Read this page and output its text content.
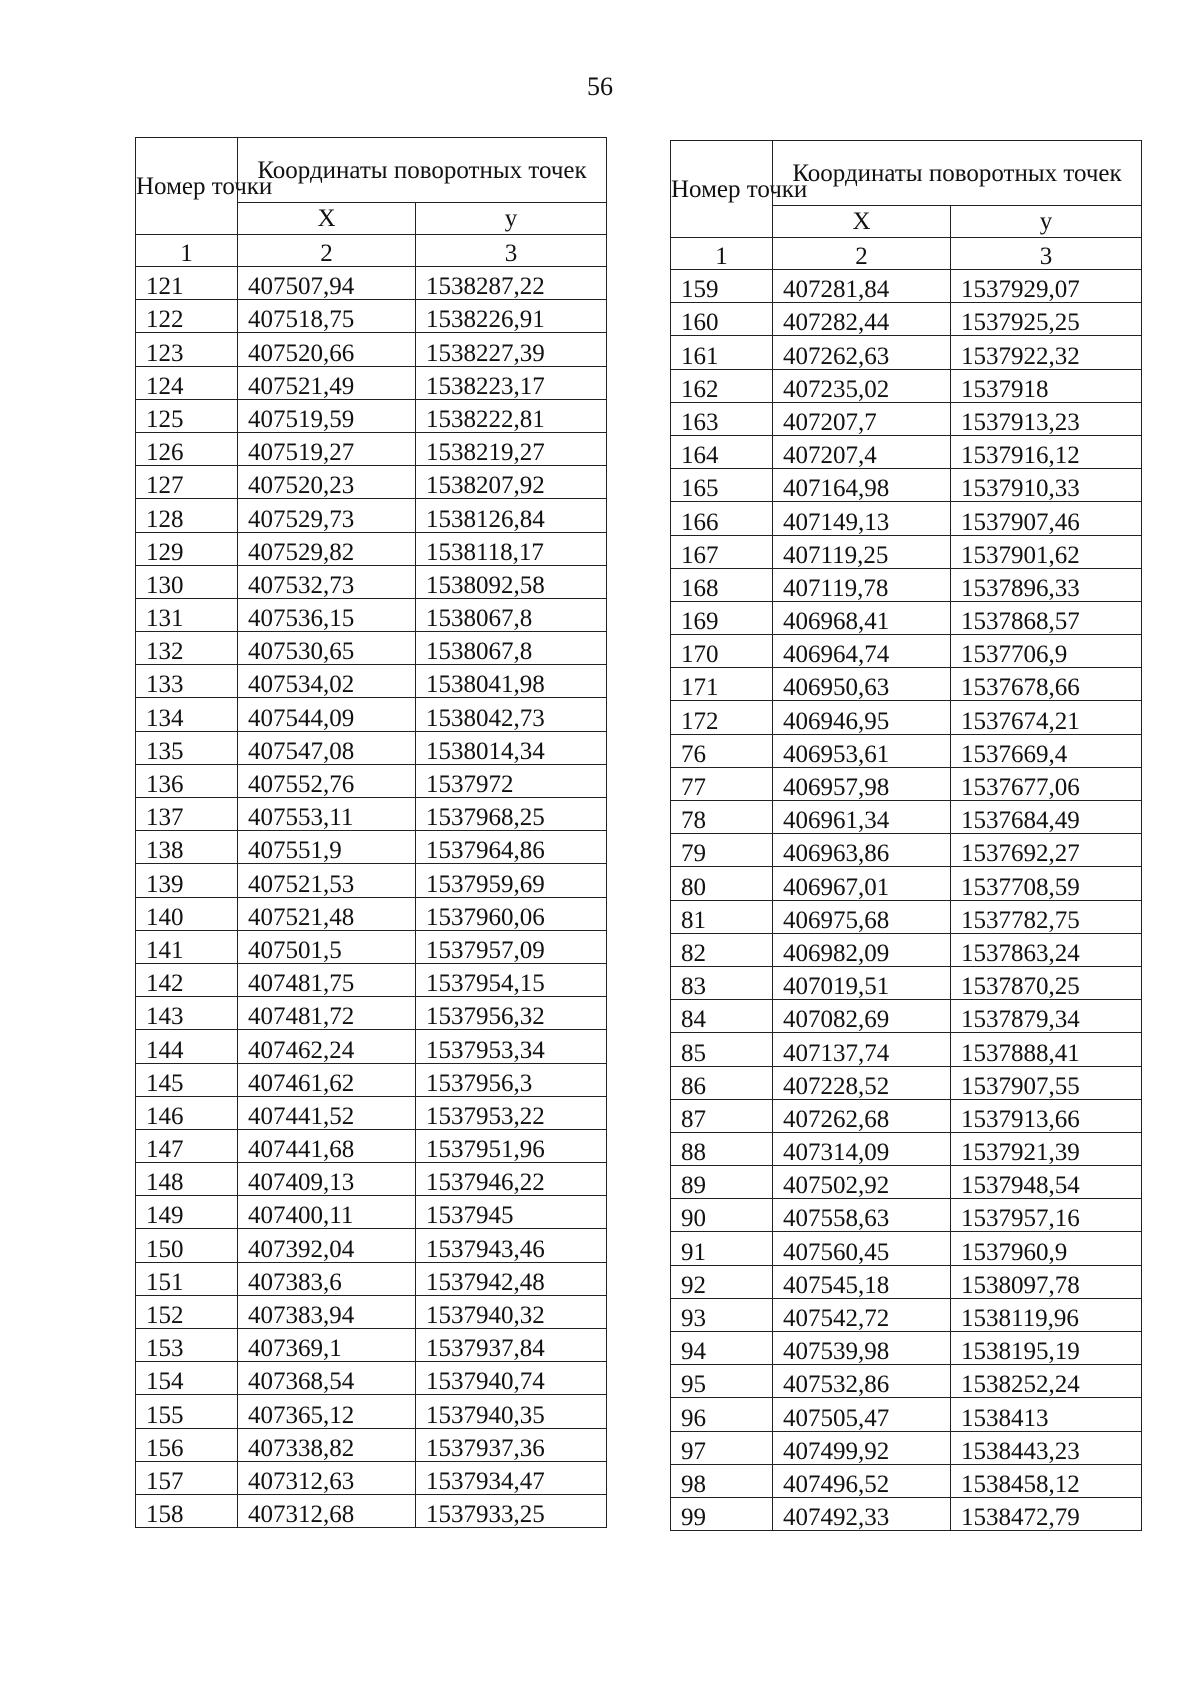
56
Номер точки	Координаты поворотных точек	
	X	y
1	2	3
121	407507,94	1538287,22
122	407518,75	1538226,91
123	407520,66	1538227,39
124	407521,49	1538223,17
125	407519,59	1538222,81
126	407519,27	1538219,27
127	407520,23	1538207,92
128	407529,73	1538126,84
129	407529,82	1538118,17
130	407532,73	1538092,58
131	407536,15	1538067,8
132	407530,65	1538067,8
133	407534,02	1538041,98
134	407544,09	1538042,73
135	407547,08	1538014,34
136	407552,76	1537972
137	407553,11	1537968,25
138	407551,9	1537964,86
139	407521,53	1537959,69
140	407521,48	1537960,06
141	407501,5	1537957,09
142	407481,75	1537954,15
143	407481,72	1537956,32
144	407462,24	1537953,34
145	407461,62	1537956,3
146	407441,52	1537953,22
147	407441,68	1537951,96
148	407409,13	1537946,22
149	407400,11	1537945
150	407392,04	1537943,46
151	407383,6	1537942,48
152	407383,94	1537940,32
153	407369,1	1537937,84
154	407368,54	1537940,74
155	407365,12	1537940,35
156	407338,82	1537937,36
157	407312,63	1537934,47
158	407312,68	1537933,25
Номер точки	Координаты поворотных точек	
	X	y
1	2	3
159	407281,84	1537929,07
160	407282,44	1537925,25
161	407262,63	1537922,32
162	407235,02	1537918
163	407207,7	1537913,23
164	407207,4	1537916,12
165	407164,98	1537910,33
166	407149,13	1537907,46
167	407119,25	1537901,62
168	407119,78	1537896,33
169	406968,41	1537868,57
170	406964,74	1537706,9
171	406950,63	1537678,66
172	406946,95	1537674,21
76	406953,61	1537669,4
77	406957,98	1537677,06
78	406961,34	1537684,49
79	406963,86	1537692,27
80	406967,01	1537708,59
81	406975,68	1537782,75
82	406982,09	1537863,24
83	407019,51	1537870,25
84	407082,69	1537879,34
85	407137,74	1537888,41
86	407228,52	1537907,55
87	407262,68	1537913,66
88	407314,09	1537921,39
89	407502,92	1537948,54
90	407558,63	1537957,16
91	407560,45	1537960,9
92	407545,18	1538097,78
93	407542,72	1538119,96
94	407539,98	1538195,19
95	407532,86	1538252,24
96	407505,47	1538413
97	407499,92	1538443,23
98	407496,52	1538458,12
99	407492,33	1538472,79
